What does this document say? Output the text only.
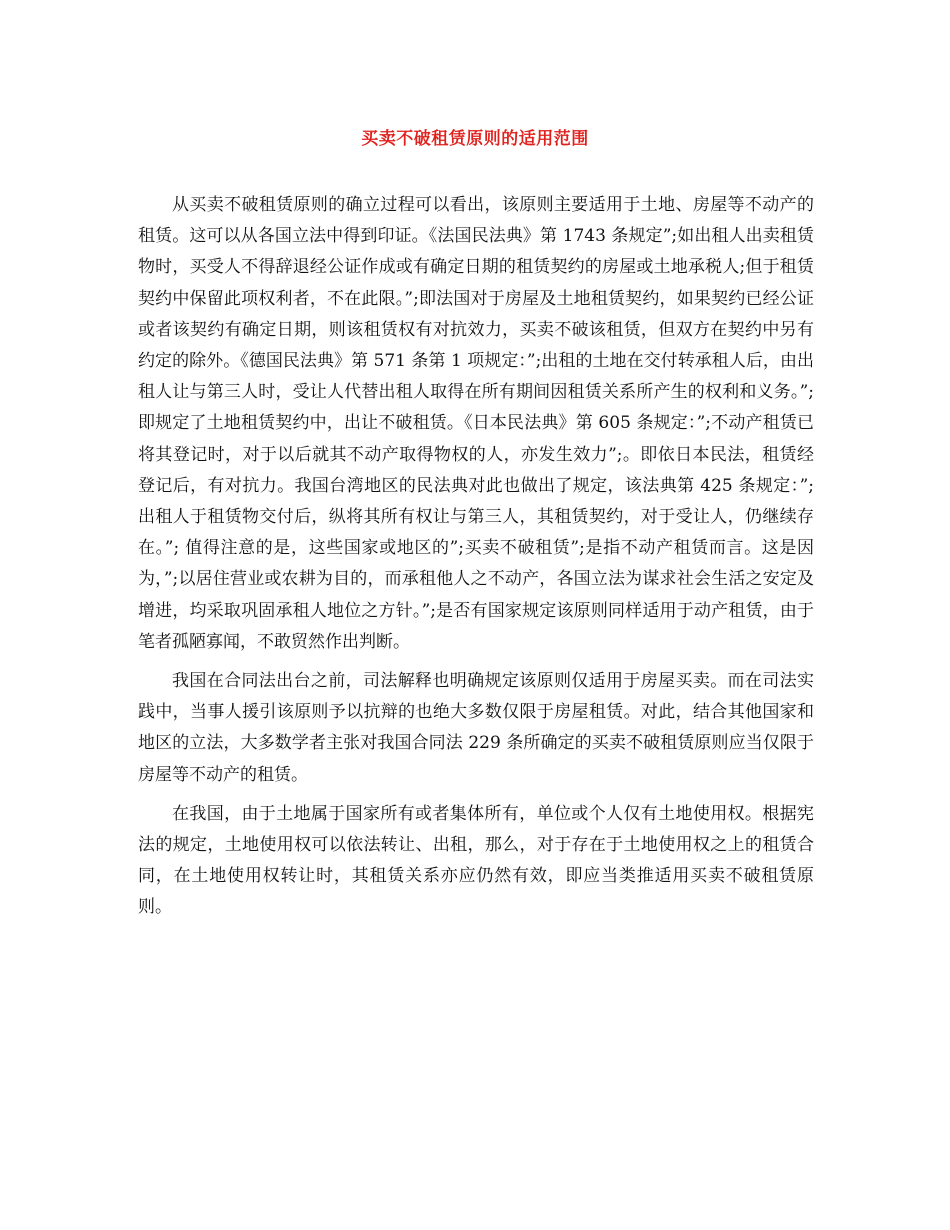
买卖不破租赁原则的适用范围

从买卖不破租赁原则的确立过程可以看出，该原则主要适用于土地、房屋等不动产的租赁。这可以从各国立法中得到印证。《法国民法典》第 1743 条规定”;如出租人出卖租赁物时，买受人不得辞退经公证作成或有确定日期的租赁契约的房屋或土地承税人;但于租赁契约中保留此项权利者，不在此限。”;即法国对于房屋及土地租赁契约，如果契约已经公证或者该契约有确定日期，则该租赁权有对抗效力，买卖不破该租赁，但双方在契约中另有约定的除外。《德国民法典》第 571 条第 1 项规定：”;出租的土地在交付转承租人后，由出租人让与第三人时，受让人代替出租人取得在所有期间因租赁关系所产生的权利和义务。”;即规定了土地租赁契约中，出让不破租赁。《日本民法典》第 605 条规定：”;不动产租赁已将其登记时，对于以后就其不动产取得物权的人，亦发生效力”;。即依日本民法，租赁经登记后，有对抗力。我国台湾地区的民法典对此也做出了规定，该法典第 425 条规定：”;出租人于租赁物交付后，纵将其所有权让与第三人，其租赁契约，对于受让人，仍继续存在。”; 值得注意的是，这些国家或地区的”;买卖不破租赁”;是指不动产租赁而言。这是因为，”;以居住营业或农耕为目的，而承租他人之不动产，各国立法为谋求社会生活之安定及增进，均采取巩固承租人地位之方针。”;是否有国家规定该原则同样适用于动产租赁，由于笔者孤陋寡闻，不敢贸然作出判断。

我国在合同法出台之前，司法解释也明确规定该原则仅适用于房屋买卖。而在司法实践中，当事人援引该原则予以抗辩的也绝大多数仅限于房屋租赁。对此，结合其他国家和地区的立法，大多数学者主张对我国合同法 229 条所确定的买卖不破租赁原则应当仅限于房屋等不动产的租赁。

在我国，由于土地属于国家所有或者集体所有，单位或个人仅有土地使用权。根据宪法的规定，土地使用权可以依法转让、出租，那么，对于存在于土地使用权之上的租赁合同，在土地使用权转让时，其租赁关系亦应仍然有效，即应当类推适用买卖不破租赁原则。
